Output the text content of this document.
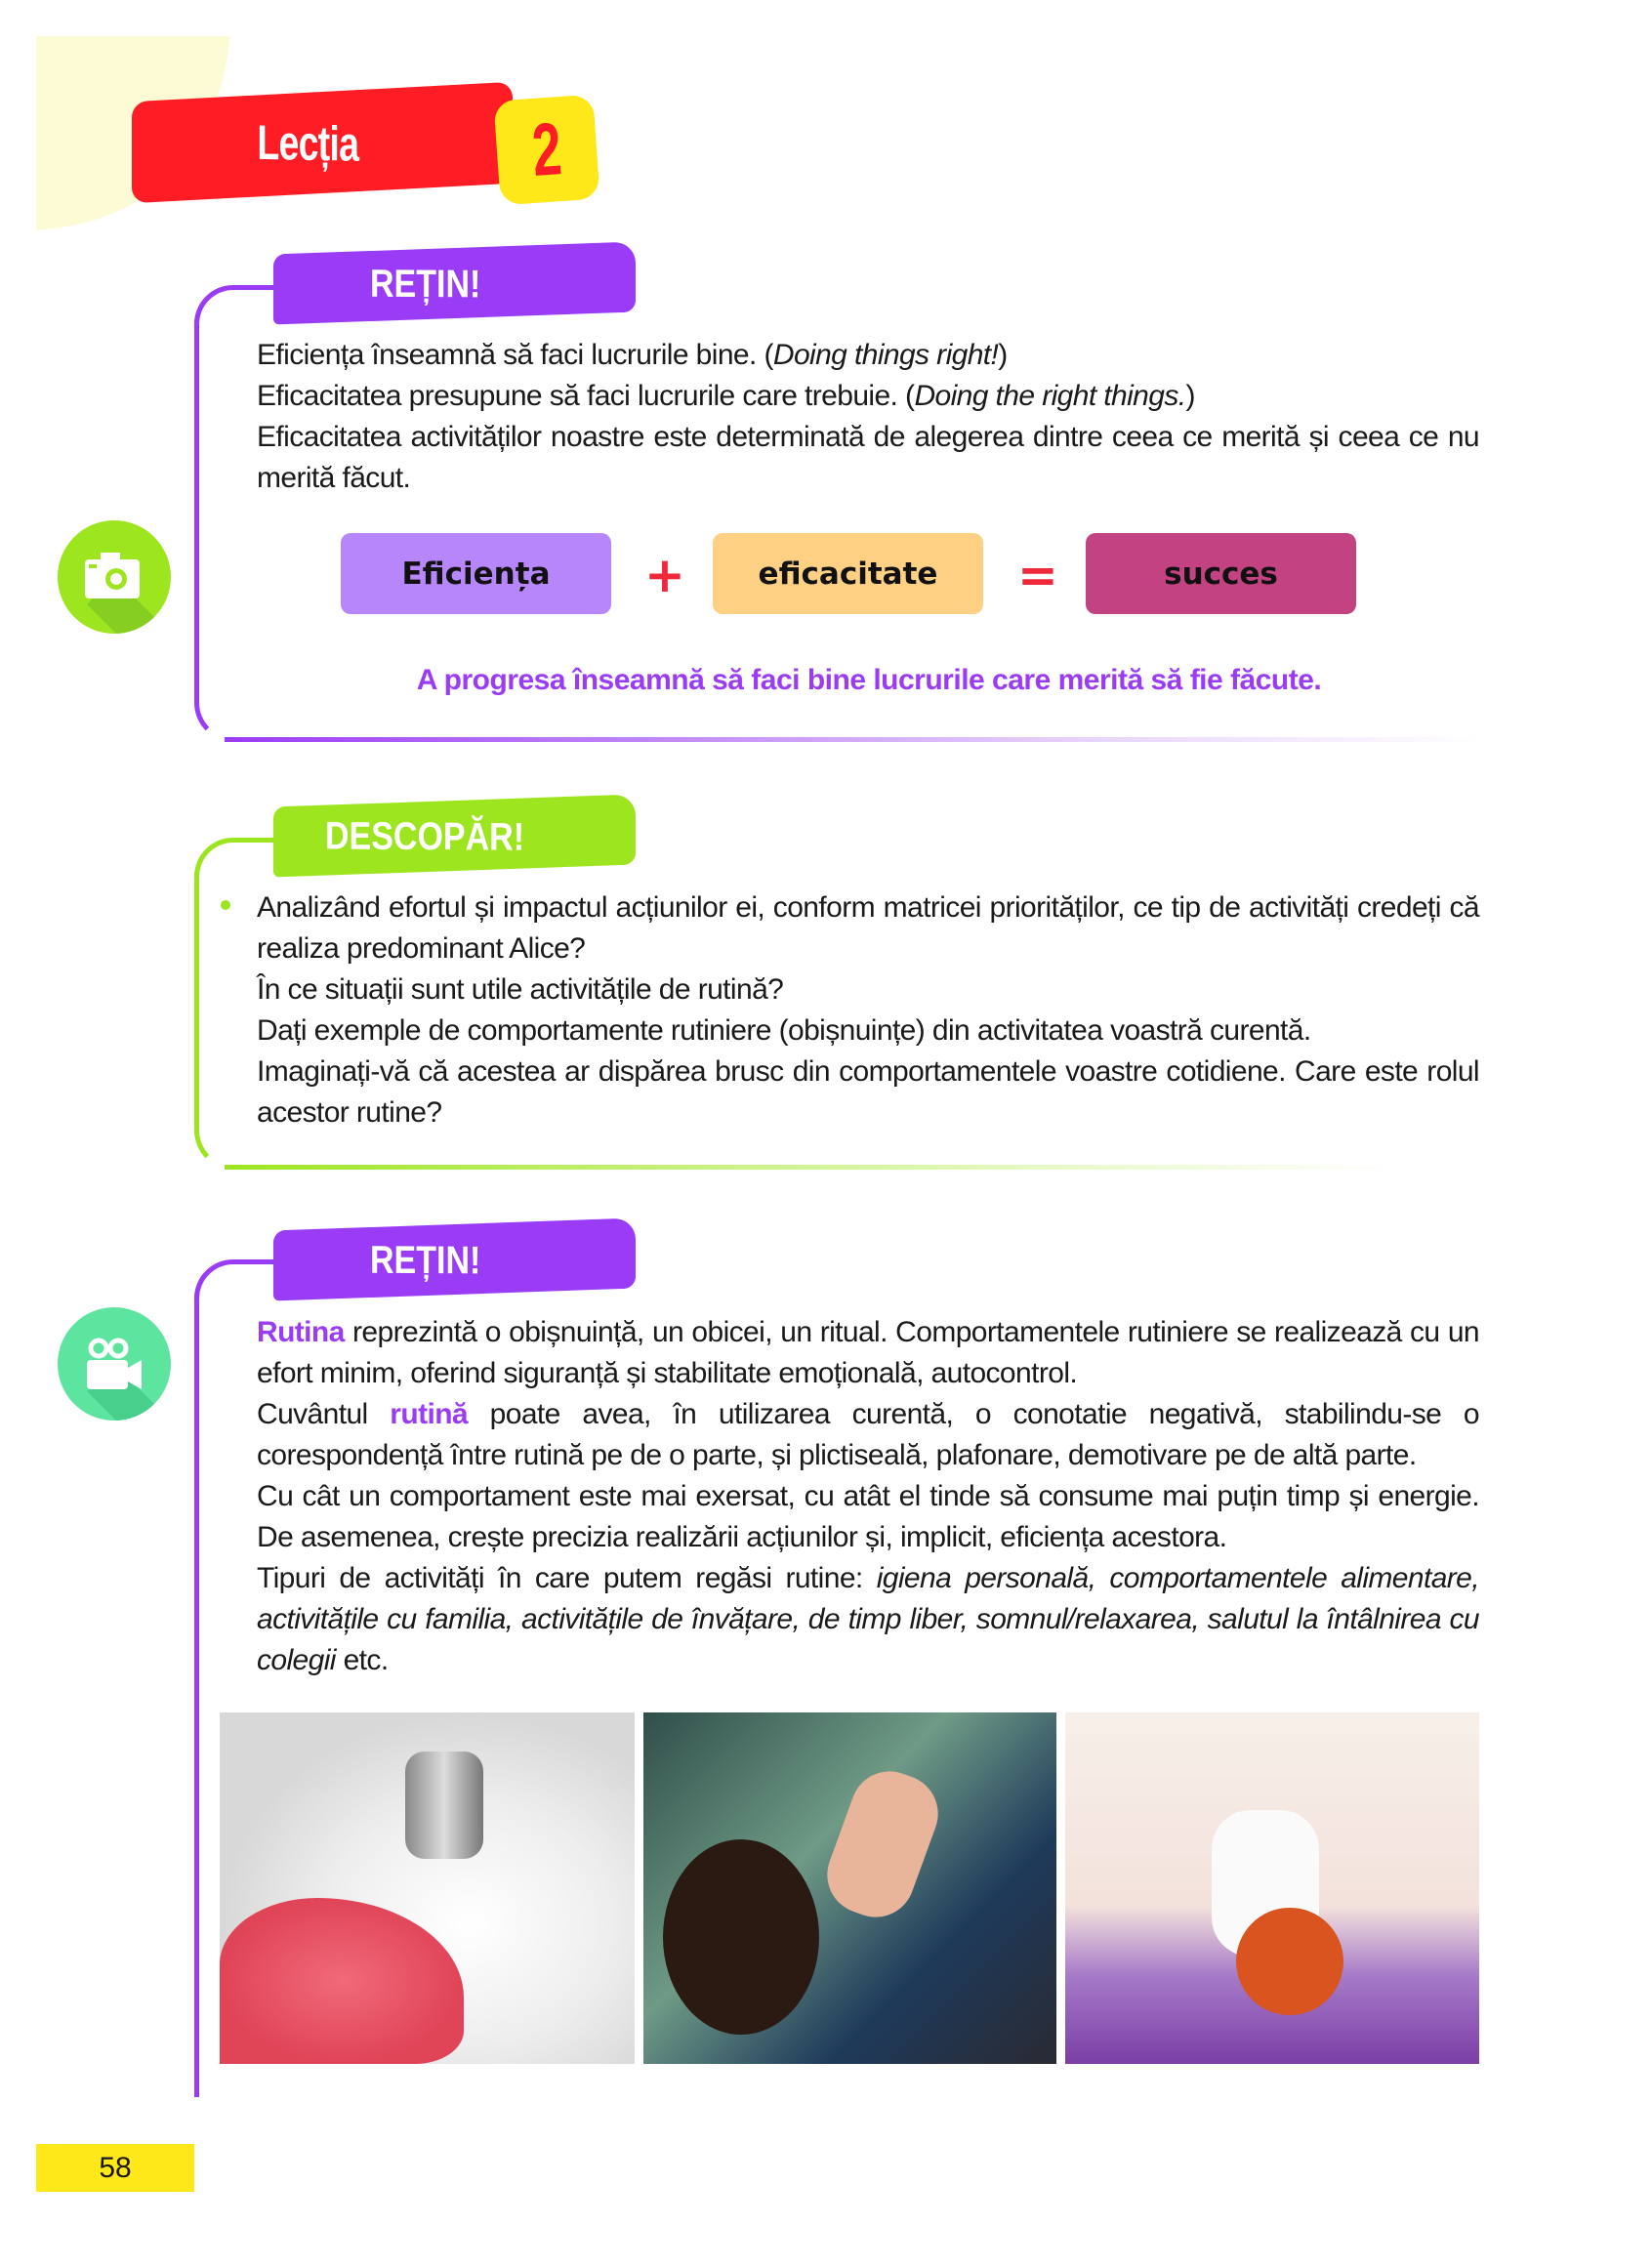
Lecția 2
REȚIN!
Eficiența înseamnă să faci lucrurile bine. (Doing things right!)
Eficacitatea presupune să faci lucrurile care trebuie. (Doing the right things.)
Eficacitatea activităților noastre este determinată de alegerea dintre ceea ce merită și ceea ce nu merită făcut.
Eficiența	+	eficacitate	=	succes
A progresa înseamnă să faci bine lucrurile care merită să fie făcute.
DESCOPĂR!
Analizând efortul și impactul acțiunilor ei, conform matricei priorităților, ce tip de activități credeți că realiza predominant Alice?
În ce situații sunt utile activitățile de rutină?
Dați exemple de comportamente rutiniere (obișnuințe) din activitatea voastră curentă.
Imaginați-vă că acestea ar dispărea brusc din comportamentele voastre cotidiene. Care este rolul acestor rutine?
REȚIN!
Rutina reprezintă o obișnuință, un obicei, un ritual. Comportamentele rutiniere se realizează cu un efort minim, oferind siguranță și stabilitate emoțională, autocontrol.
Cuvântul rutină poate avea, în utilizarea curentă, o conotatie negativă, stabilindu-se o corespondență între rutină pe de o parte, și plictiseală, plafonare, demotivare pe de altă parte.
Cu cât un comportament este mai exersat, cu atât el tinde să consume mai puțin timp și energie. De asemenea, crește precizia realizării acțiunilor și, implicit, eficiența acestora.
Tipuri de activități în care putem regăsi rutine: igiena personală, comportamentele alimentare, activitățile cu familia, activitățile de învățare, de timp liber, somnul/relaxarea, salutul la întâlnirea cu colegii etc.
58
